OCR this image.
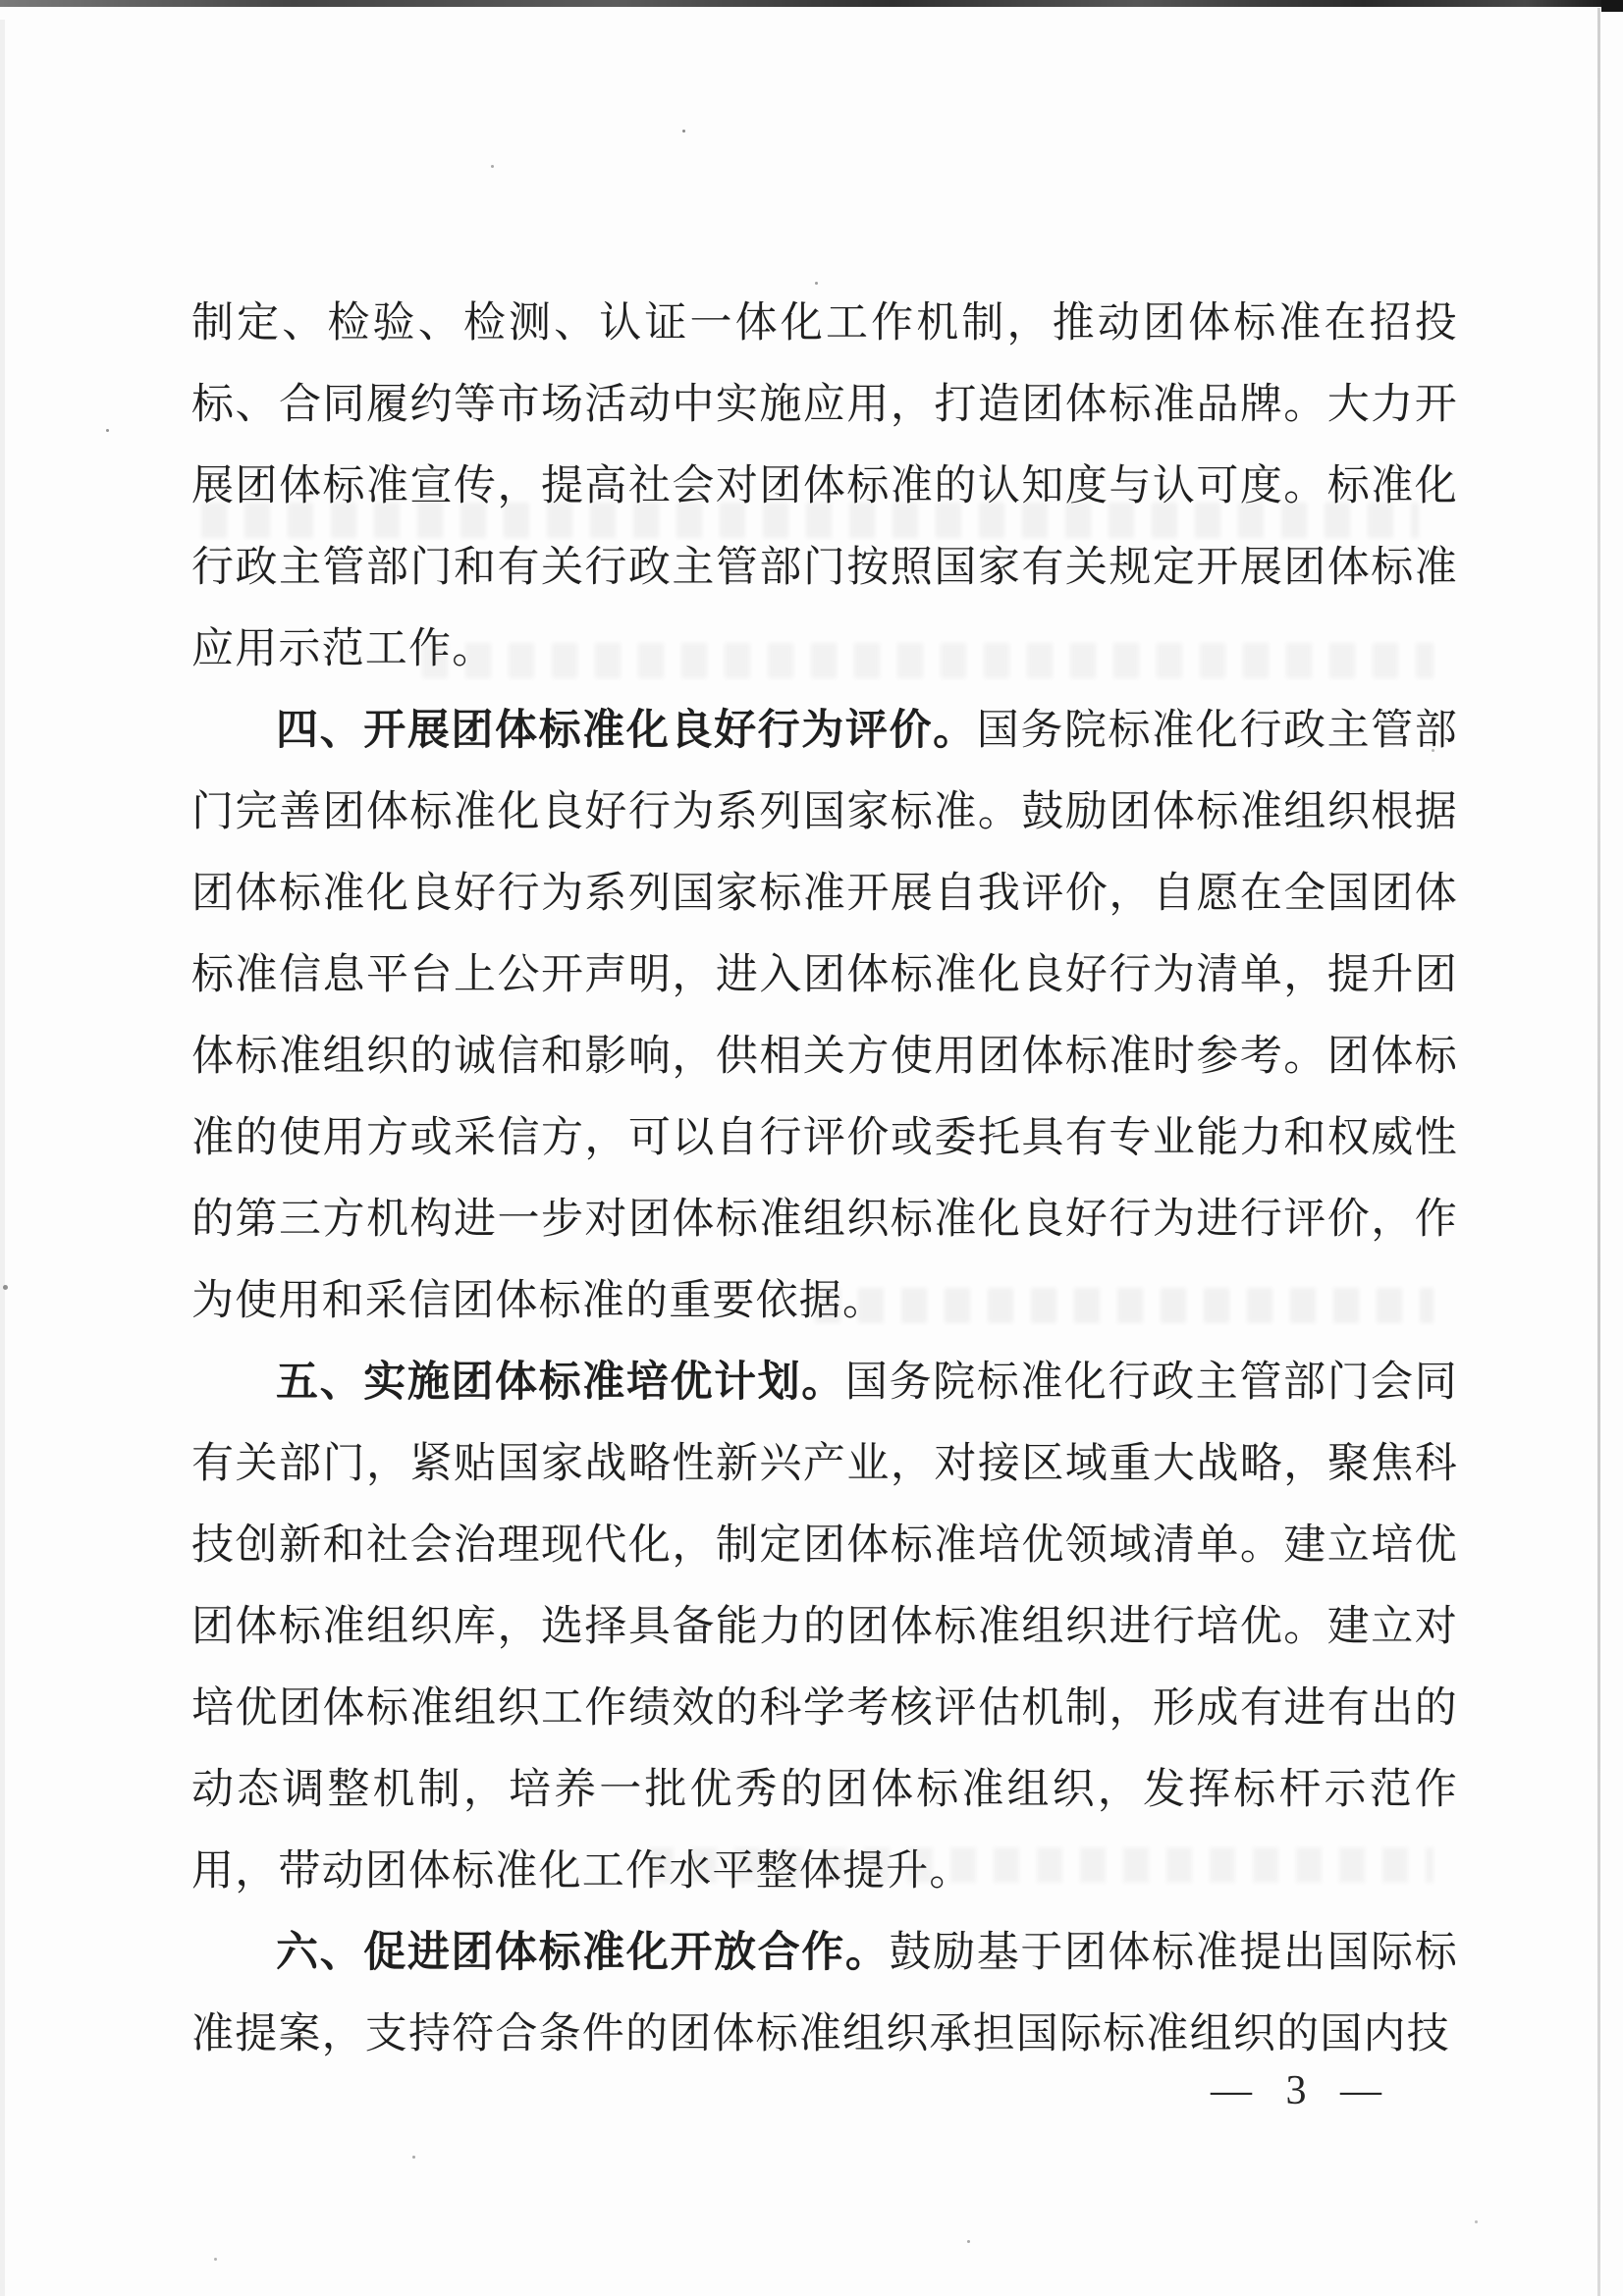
制定、检验、检测、认证一体化工作机制，推动团体标准在招投标、合同履约等市场活动中实施应用，打造团体标准品牌。大力开展团体标准宣传，提高社会对团体标准的认知度与认可度。标准化行政主管部门和有关行政主管部门按照国家有关规定开展团体标准应用示范工作。

四、开展团体标准化良好行为评价。国务院标准化行政主管部门完善团体标准化良好行为系列国家标准。鼓励团体标准组织根据团体标准化良好行为系列国家标准开展自我评价，自愿在全国团体标准信息平台上公开声明，进入团体标准化良好行为清单，提升团体标准组织的诚信和影响，供相关方使用团体标准时参考。团体标准的使用方或采信方，可以自行评价或委托具有专业能力和权威性的第三方机构进一步对团体标准组织标准化良好行为进行评价，作为使用和采信团体标准的重要依据。

五、实施团体标准培优计划。国务院标准化行政主管部门会同有关部门，紧贴国家战略性新兴产业，对接区域重大战略，聚焦科技创新和社会治理现代化，制定团体标准培优领域清单。建立培优团体标准组织库，选择具备能力的团体标准组织进行培优。建立对培优团体标准组织工作绩效的科学考核评估机制，形成有进有出的动态调整机制，培养一批优秀的团体标准组织，发挥标杆示范作用，带动团体标准化工作水平整体提升。

六、促进团体标准化开放合作。鼓励基于团体标准提出国际标准提案，支持符合条件的团体标准组织承担国际标准组织的国内技

— 3 —
